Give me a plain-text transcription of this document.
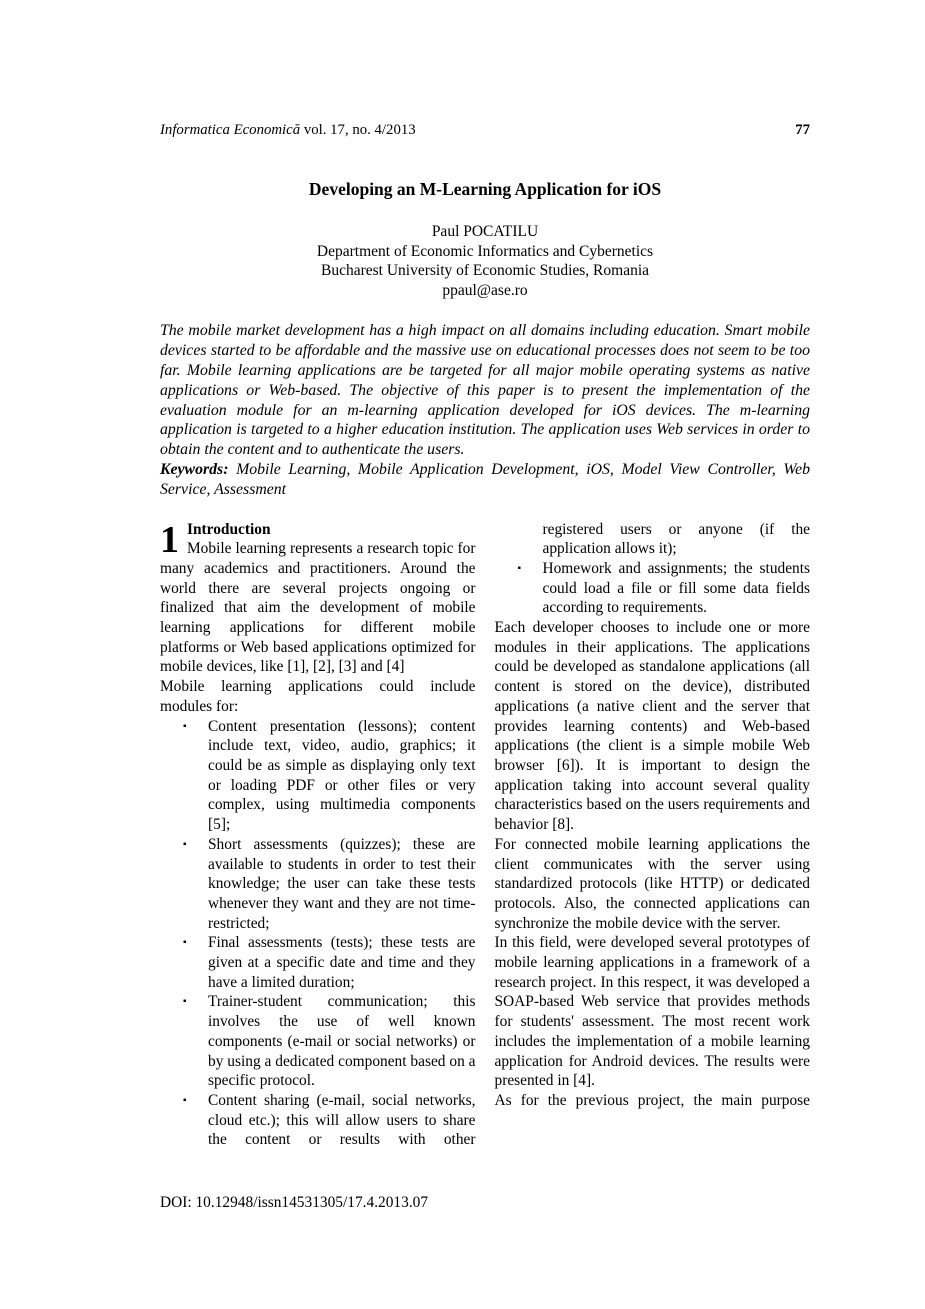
Informatica Economică vol. 17, no. 4/2013	77
Developing an M-Learning Application for iOS
Paul POCATILU
Department of Economic Informatics and Cybernetics
Bucharest University of Economic Studies, Romania
ppaul@ase.ro
The mobile market development has a high impact on all domains including education. Smart mobile devices started to be affordable and the massive use on educational processes does not seem to be too far. Mobile learning applications are be targeted for all major mobile operating systems as native applications or Web-based. The objective of this paper is to present the implementation of the evaluation module for an m-learning application developed for iOS devices. The m-learning application is targeted to a higher education institution. The application uses Web services in order to obtain the content and to authenticate the users.
Keywords: Mobile Learning, Mobile Application Development, iOS, Model View Controller, Web Service, Assessment
1 Introduction
Mobile learning represents a research topic for many academics and practitioners. Around the world there are several projects ongoing or finalized that aim the development of mobile learning applications for different mobile platforms or Web based applications optimized for mobile devices, like [1], [2], [3] and [4]
Mobile learning applications could include modules for:
▪	Content presentation (lessons); content include text, video, audio, graphics; it could be as simple as displaying only text or loading PDF or other files or very complex, using multimedia components [5];
▪	Short assessments (quizzes); these are available to students in order to test their knowledge; the user can take these tests whenever they want and they are not time-restricted;
▪	Final assessments (tests); these tests are given at a specific date and time and they have a limited duration;
▪	Trainer-student communication; this involves the use of well known components (e-mail or social networks) or by using a dedicated component based on a specific protocol.
▪	Content sharing (e-mail, social networks, cloud etc.); this will allow users to share the content or results with other
registered users or anyone (if the application allows it);
▪	Homework and assignments; the students could load a file or fill some data fields according to requirements.
Each developer chooses to include one or more modules in their applications. The applications could be developed as standalone applications (all content is stored on the device), distributed applications (a native client and the server that provides learning contents) and Web-based applications (the client is a simple mobile Web browser [6]). It is important to design the application taking into account several quality characteristics based on the users requirements and behavior [8].
For connected mobile learning applications the client communicates with the server using standardized protocols (like HTTP) or dedicated protocols. Also, the connected applications can synchronize the mobile device with the server.
In this field, were developed several prototypes of mobile learning applications in a framework of a research project. In this respect, it was developed a SOAP-based Web service that provides methods for students' assessment. The most recent work includes the implementation of a mobile learning application for Android devices. The results were presented in [4].
As for the previous project, the main purpose
DOI: 10.12948/issn14531305/17.4.2013.07
